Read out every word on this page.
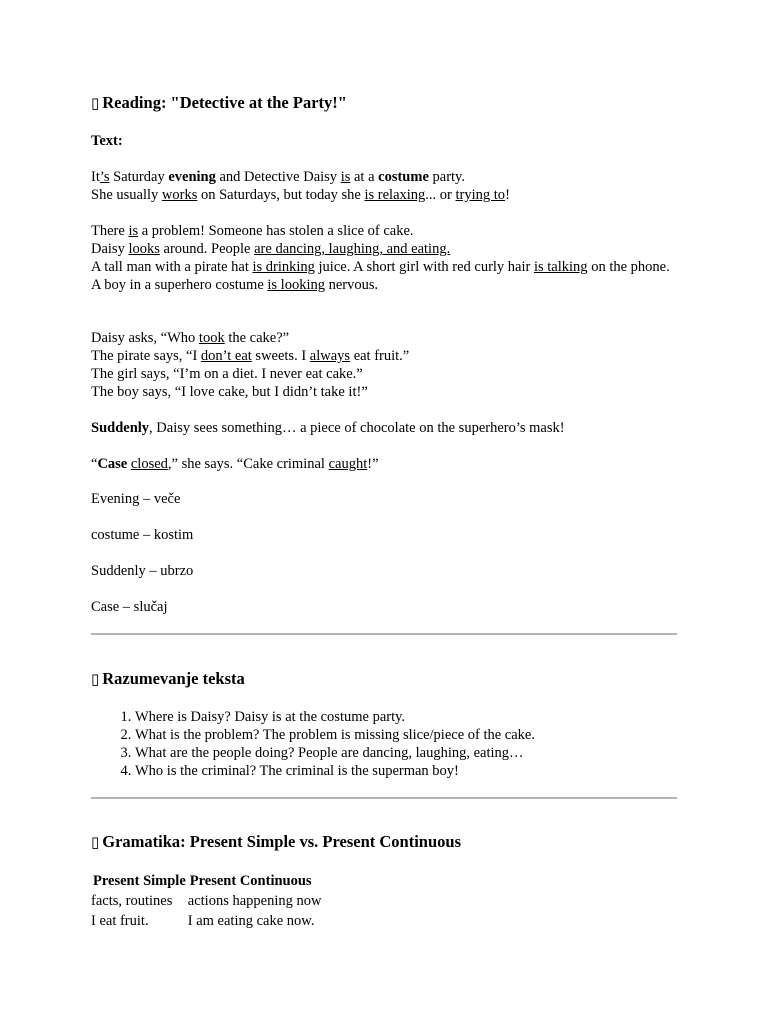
▯ Reading: "Detective at the Party!"
Text:
It’s Saturday evening and Detective Daisy is at a costume party.
She usually works on Saturdays, but today she is relaxing... or trying to!
There is a problem! Someone has stolen a slice of cake.
Daisy looks around. People are dancing, laughing, and eating.
A tall man with a pirate hat is drinking juice. A short girl with red curly hair is talking on the phone.
A boy in a superhero costume is looking nervous.
Daisy asks, “Who took the cake?”
The pirate says, “I don’t eat sweets. I always eat fruit.”
The girl says, “I’m on a diet. I never eat cake.”
The boy says, “I love cake, but I didn’t take it!”
Suddenly, Daisy sees something… a piece of chocolate on the superhero’s mask!
“Case closed,” she says. “Cake criminal caught!”
Evening – veče
costume – kostim
Suddenly – ubrzo
Case – slučaj
▯ Razumevanje teksta
1. Where is Daisy? Daisy is at the costume party.
2. What is the problem? The problem is missing slice/piece of the cake.
3. What are the people doing? People are dancing, laughing, eating…
4. Who is the criminal? The criminal is the superman boy!
▯ Gramatika: Present Simple vs. Present Continuous
Present Simple	Present Continuous
facts, routines	actions happening now
I eat fruit.	I am eating cake now.
